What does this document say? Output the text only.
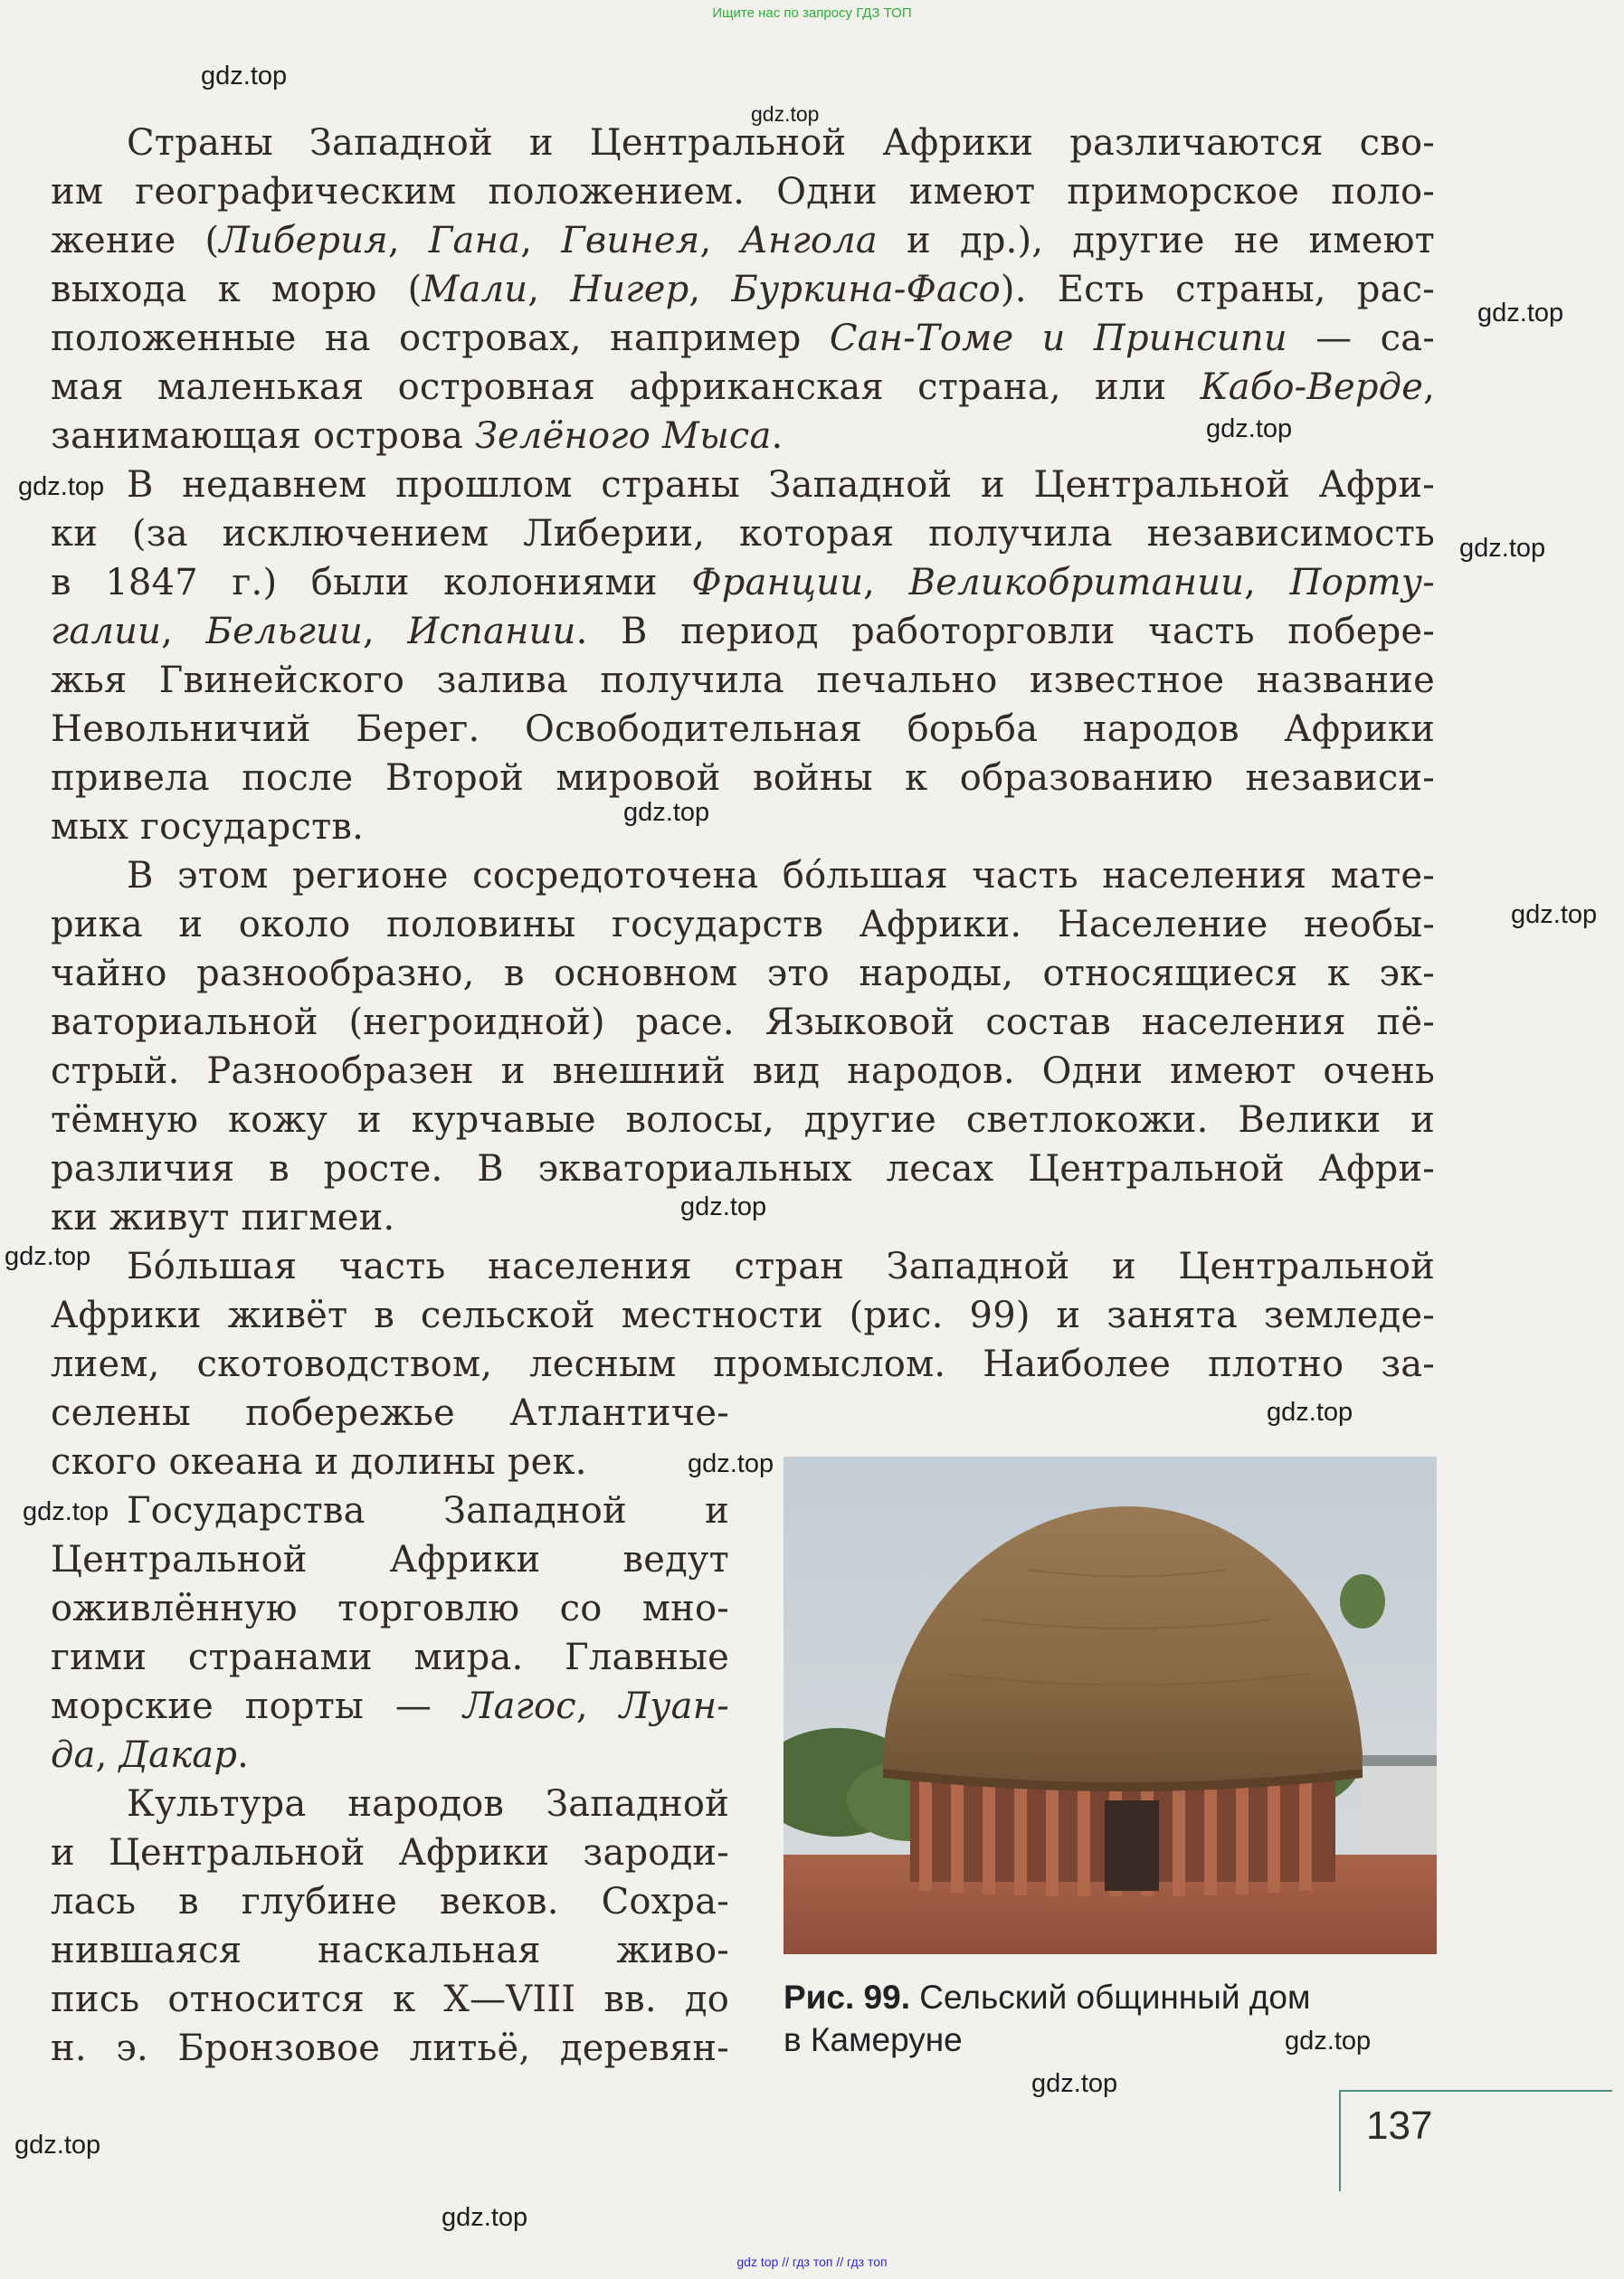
Ищите нас по запросу ГДЗ ТОП
gdz.top
gdz.top
gdz.top
gdz.top
gdz.top
gdz.top
gdz.top
gdz.top
gdz.top
gdz.top
gdz.top
gdz.top
gdz.top
gdz.top
gdz.top
gdz.top
gdz.top
Страны Западной и Центральной Африки различаются сво-
им географическим положением. Одни имеют приморское поло-
жение (Либерия, Гана, Гвинея, Ангола и др.), другие не имеют
выхода к морю (Мали, Нигер, Буркина-Фасо). Есть страны, рас-
положенные на островах, например Сан-Томе и Принсипи — са-
мая маленькая островная африканская страна, или Кабо-Верде,
занимающая острова Зелёного Мыса.
В недавнем прошлом страны Западной и Центральной Афри-
ки (за исключением Либерии, которая получила независимость
в 1847 г.) были колониями Франции, Великобритании, Порту-
галии, Бельгии, Испании. В период работорговли часть побере-
жья Гвинейского залива получила печально известное название
Невольничий Берег. Освободительная борьба народов Африки
привела после Второй мировой войны к образованию независи-
мых государств.
В этом регионе сосредоточена бóльшая часть населения мате-
рика и около половины государств Африки. Население необы-
чайно разнообразно, в основном это народы, относящиеся к эк-
ваториальной (негроидной) расе. Языковой состав населения пё-
стрый. Разнообразен и внешний вид народов. Одни имеют очень
тёмную кожу и курчавые волосы, другие светлокожи. Велики и
различия в росте. В экваториальных лесах Центральной Афри-
ки живут пигмеи.
Бóльшая часть населения стран Западной и Центральной
Африки живёт в сельской местности (рис. 99) и занята земледе-
лием, скотоводством, лесным промыслом. Наиболее плотно за-
селены побережье Атлантиче-
ского океана и долины рек.
Государства Западной и
Центральной Африки ведут
оживлённую торговлю со мно-
гими странами мира. Главные
морские порты — Лагос, Луан-
да, Дакар.
Культура народов Западной
и Центральной Африки зароди-
лась в глубине веков. Сохра-
нившаяся наскальная живо-
пись относится к X—VIII вв. до
н. э. Бронзовое литьё, деревян-
Рис. 99. Сельский общинный дом
в Камеруне
137
gdz top // гдз топ // гдз топ
